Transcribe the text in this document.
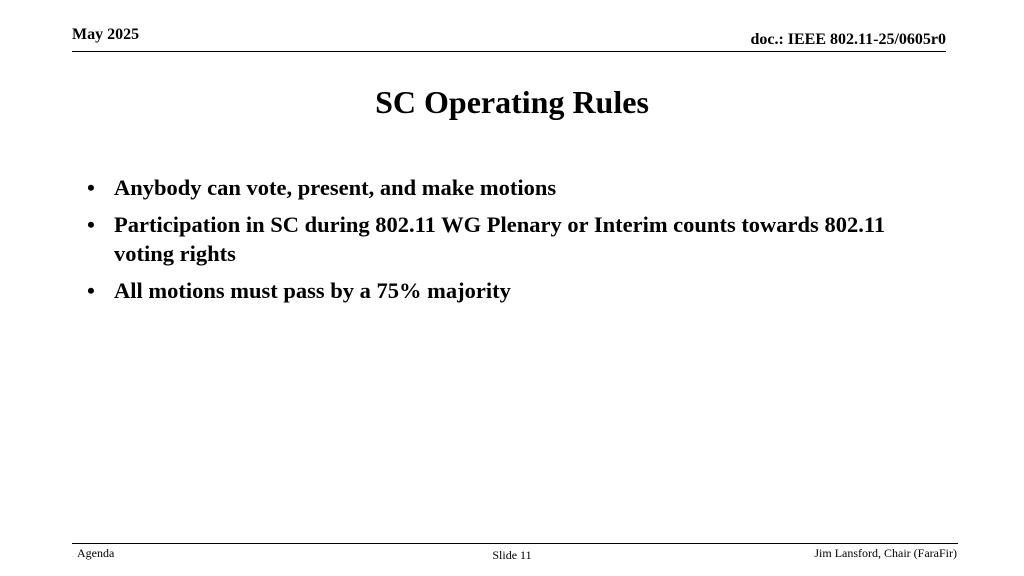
May 2025	doc.: IEEE 802.11-25/0605r0
SC Operating Rules
• Anybody can vote, present, and make motions
• Participation in SC during 802.11 WG Plenary or Interim counts towards 802.11 voting rights
• All motions must pass by a 75% majority
Agenda	Slide 11	Jim Lansford, Chair (FaraFir)
